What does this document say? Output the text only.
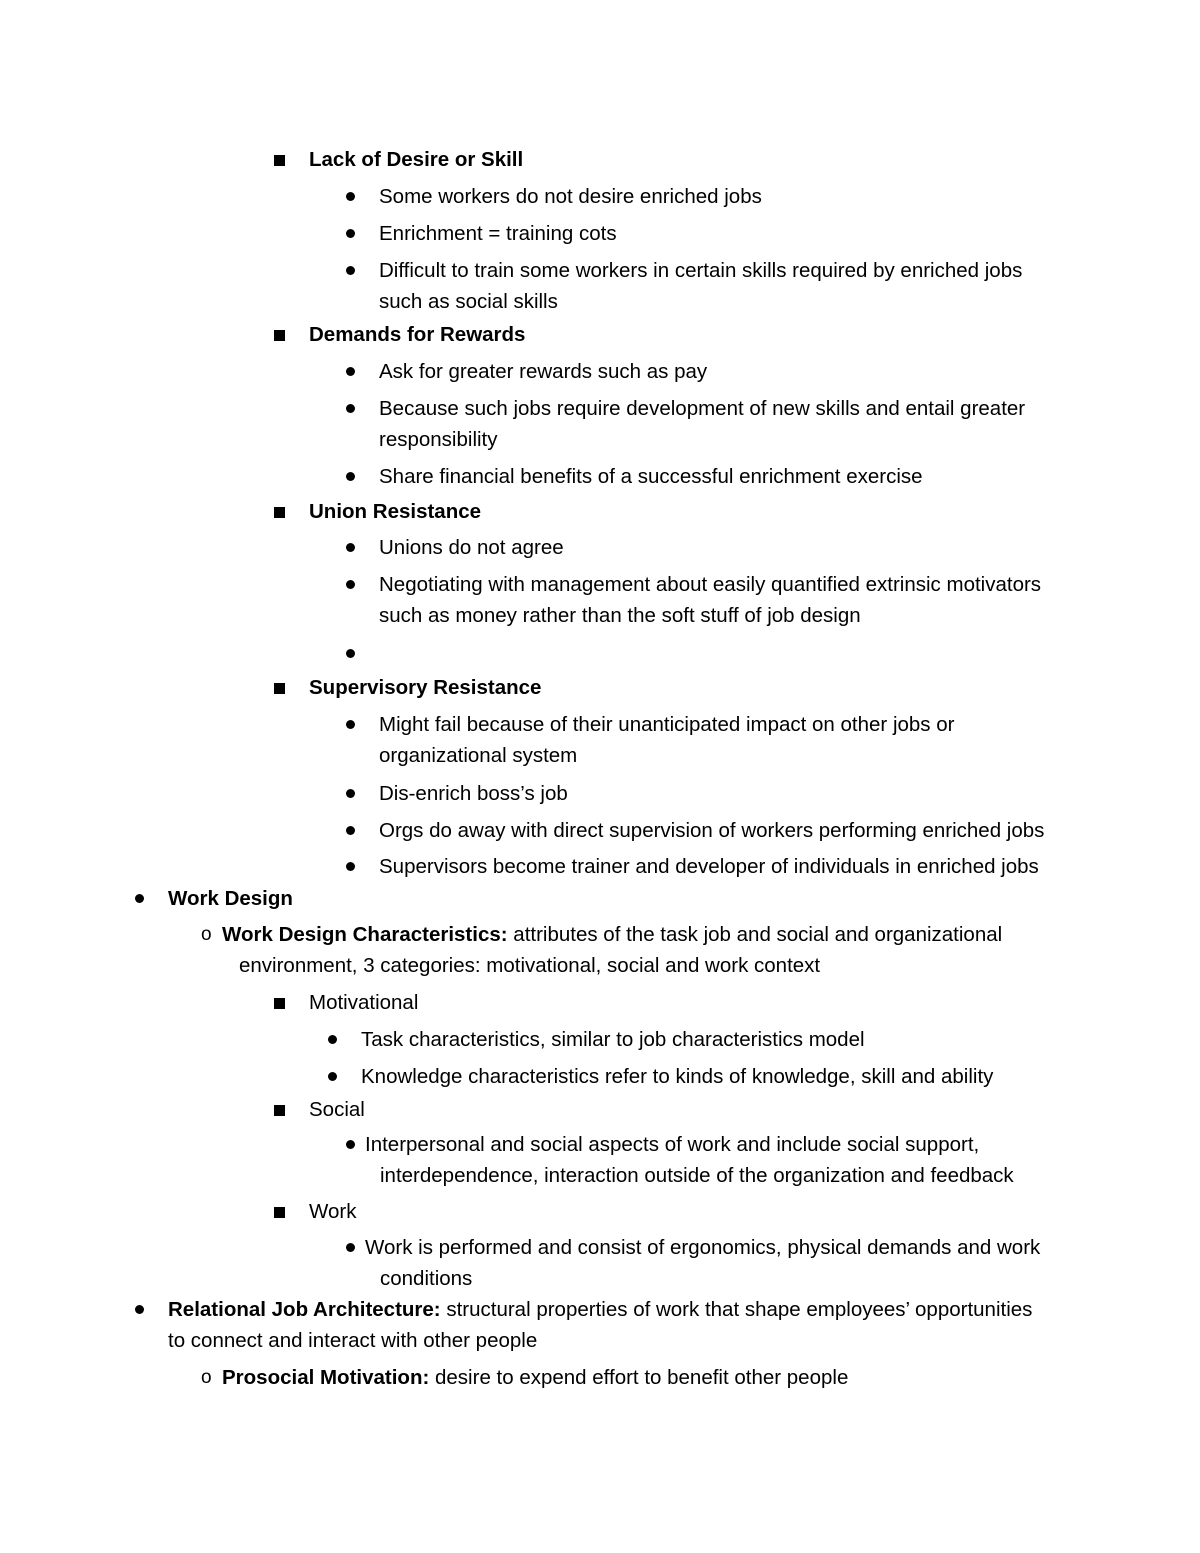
Lack of Desire or Skill
Some workers do not desire enriched jobs
Enrichment = training cots
Difficult to train some workers in certain skills required by enriched jobs
such as social skills
Demands for Rewards
Ask for greater rewards such as pay
Because such jobs require development of new skills and entail greater
responsibility
Share financial benefits of a successful enrichment exercise
Union Resistance
Unions do not agree
Negotiating with management about easily quantified extrinsic motivators
such as money rather than the soft stuff of job design
Supervisory Resistance
Might fail because of their unanticipated impact on other jobs or
organizational system
Dis-enrich boss’s job
Orgs do away with direct supervision of workers performing enriched jobs
Supervisors become trainer and developer of individuals in enriched jobs
Work Design
o Work Design Characteristics: attributes of the task job and social and organizational
environment, 3 categories: motivational, social and work context
Motivational
Task characteristics, similar to job characteristics model
Knowledge characteristics refer to kinds of knowledge, skill and ability
Social
Interpersonal and social aspects of work and include social support,
interdependence, interaction outside of the organization and feedback
Work
Work is performed and consist of ergonomics, physical demands and work
conditions
Relational Job Architecture: structural properties of work that shape employees’ opportunities
to connect and interact with other people
o Prosocial Motivation: desire to expend effort to benefit other people
